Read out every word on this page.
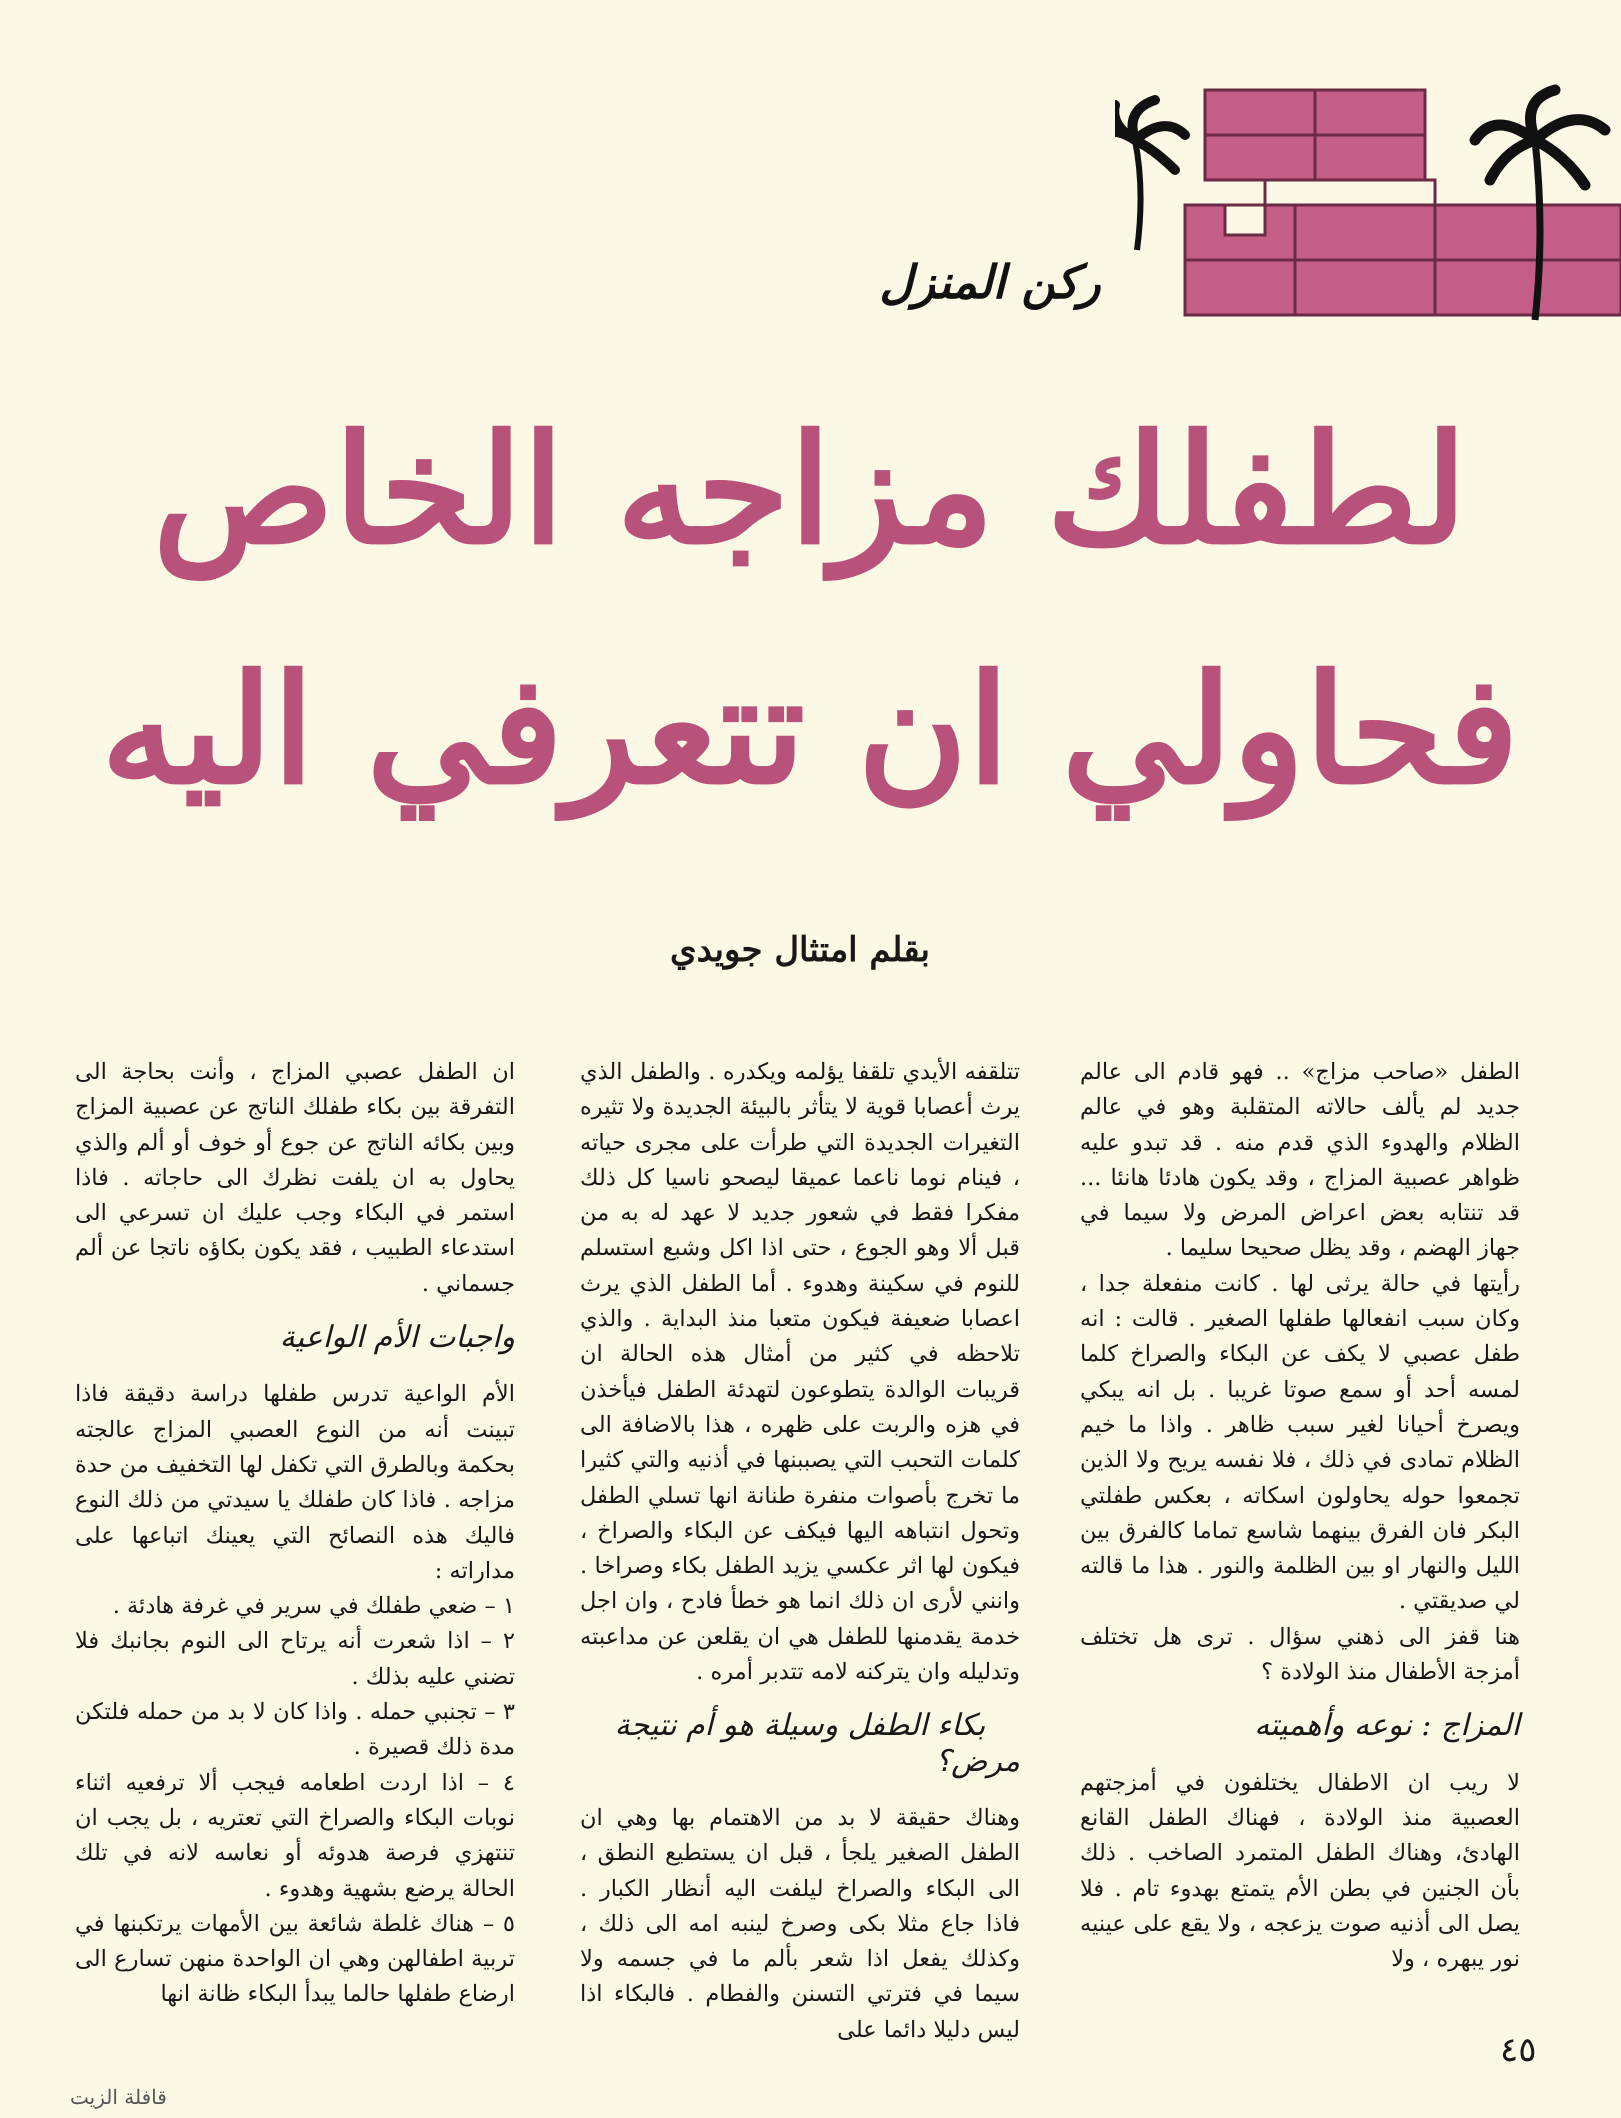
ركن المنزل
لطفلك مزاجه الخاص
فحاولي ان تتعرفي اليه
بقلم امتثال جويدي

الطفل «صاحب مزاج» .. فهو قادم الى عالم جديد لم يألف حالاته المتقلبة وهو في عالم الظلام والهدوء الذي قدم منه . قد تبدو عليه ظواهر عصبية المزاج ، وقد يكون هادئا هانئا ... قد تنتابه بعض اعراض المرض ولا سيما في جهاز الهضم ، وقد يظل صحيحا سليما .

رأيتها في حالة يرثى لها . كانت منفعلة جدا ، وكان سبب انفعالها طفلها الصغير . قالت : انه طفل عصبي لا يكف عن البكاء والصراخ كلما لمسه أحد أو سمع صوتا غريبا . بل انه يبكي ويصرخ أحيانا لغير سبب ظاهر . واذا ما خيم الظلام تمادى في ذلك ، فلا نفسه يريح ولا الذين تجمعوا حوله يحاولون اسكاته ، بعكس طفلتي البكر فان الفرق بينهما شاسع تماما كالفرق بين الليل والنهار او بين الظلمة والنور . هذا ما قالته لي صديقتي .

هنا قفز الى ذهني سؤال . ترى هل تختلف أمزجة الأطفال منذ الولادة ؟

المزاج : نوعه وأهميته

لا ريب ان الاطفال يختلفون في أمزجتهم العصبية منذ الولادة ، فهناك الطفل القانع الهادئ، وهناك الطفل المتمرد الصاخب . ذلك بأن الجنين في بطن الأم يتمتع بهدوء تام . فلا يصل الى أذنيه صوت يزعجه ، ولا يقع على عينيه نور يبهره ، ولا

تتلقفه الأيدي تلقفا يؤلمه ويكدره . والطفل الذي يرث أعصابا قوية لا يتأثر بالبيئة الجديدة ولا تثيره التغيرات الجديدة التي طرأت على مجرى حياته ، فينام نوما ناعما عميقا ليصحو ناسيا كل ذلك مفكرا فقط في شعور جديد لا عهد له به من قبل ألا وهو الجوع ، حتى اذا اكل وشبع استسلم للنوم في سكينة وهدوء . أما الطفل الذي يرث اعصابا ضعيفة فيكون متعبا منذ البداية . والذي تلاحظه في كثير من أمثال هذه الحالة ان قريبات الوالدة يتطوعون لتهدئة الطفل فيأخذن في هزه والربت على ظهره ، هذا بالاضافة الى كلمات التحبب التي يصببنها في أذنيه والتي كثيرا ما تخرج بأصوات منفرة طنانة انها تسلي الطفل وتحول انتباهه اليها فيكف عن البكاء والصراخ ، فيكون لها اثر عكسي يزيد الطفل بكاء وصراخا . وانني لأرى ان ذلك انما هو خطأ فادح ، وان اجل خدمة يقدمنها للطفل هي ان يقلعن عن مداعبته وتدليله وان يتركنه لامه تتدبر أمره .

بكاء الطفل وسيلة هو أم نتيجة مرض؟

وهناك حقيقة لا بد من الاهتمام بها وهي ان الطفل الصغير يلجأ ، قبل ان يستطيع النطق ، الى البكاء والصراخ ليلفت اليه أنظار الكبار . فاذا جاع مثلا بكى وصرخ لينبه امه الى ذلك ، وكذلك يفعل اذا شعر بألم ما في جسمه ولا سيما في فترتي التسنن والفطام . فالبكاء اذا ليس دليلا دائما على

ان الطفل عصبي المزاج ، وأنت بحاجة الى التفرقة بين بكاء طفلك الناتج عن عصبية المزاج وبين بكائه الناتج عن جوع أو خوف أو ألم والذي يحاول به ان يلفت نظرك الى حاجاته . فاذا استمر في البكاء وجب عليك ان تسرعي الى استدعاء الطبيب ، فقد يكون بكاؤه ناتجا عن ألم جسماني .

واجبات الأم الواعية

الأم الواعية تدرس طفلها دراسة دقيقة فاذا تبينت أنه من النوع العصبي المزاج عالجته بحكمة وبالطرق التي تكفل لها التخفيف من حدة مزاجه . فاذا كان طفلك يا سيدتي من ذلك النوع فاليك هذه النصائح التي يعينك اتباعها على مداراته :

١ – ضعي طفلك في سرير في غرفة هادئة .

٢ – اذا شعرت أنه يرتاح الى النوم بجانبك فلا تضني عليه بذلك .

٣ – تجنبي حمله . واذا كان لا بد من حمله فلتكن مدة ذلك قصيرة .

٤ – اذا اردت اطعامه فيجب ألا ترفعيه اثناء نوبات البكاء والصراخ التي تعتريه ، بل يجب ان تنتهزي فرصة هدوئه أو نعاسه لانه في تلك الحالة يرضع بشهية وهدوء .

٥ – هناك غلطة شائعة بين الأمهات يرتكبنها في تربية اطفالهن وهي ان الواحدة منهن تسارع الى ارضاع طفلها حالما يبدأ البكاء ظانة انها

٤٥
قافلة الزيت
